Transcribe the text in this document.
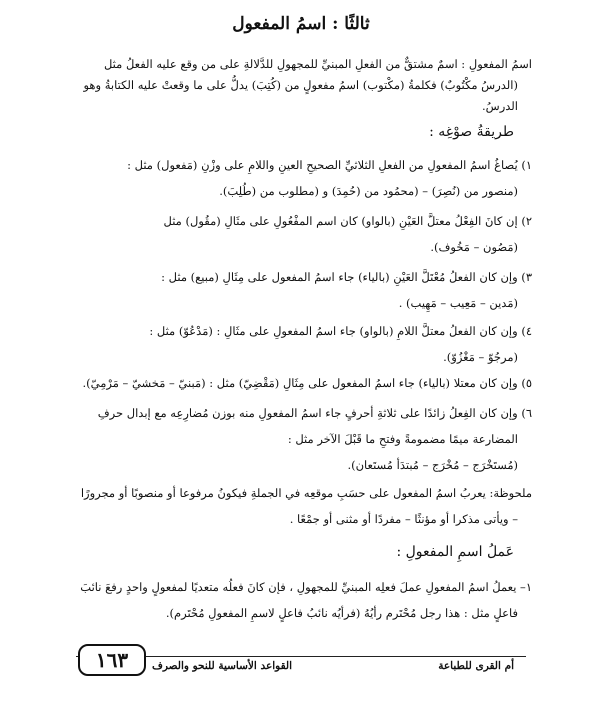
ثالثًا : اسمُ المفعول
اسمُ المفعولِ : اسمٌ مشتقٌّ من الفعلِ المبنيِّ للمجهولِ للدَّلالةِ على من وقع عليه الفعلُ مثل
(الدرسُ مكْتُوبٌ) فكلمةُ (مكْتوب) اسمُ مفعولٍ من (كُتِبَ) يدلُّ على ما وقعتْ عليه الكتابةُ وهو الدرسُ.
طريقةُ صوْغِه :
١) يُصاغُ اسمُ المفعولِ من الفعلِ الثلاثيِّ الصحيحِ العينِ واللامِ على وزْنِ (مَفعول) مثل :
(منصور من (نُصِرَ) – (محمُود من (حُمِدَ) و (مطلوب من (طُلِبَ).
٢) إن كانَ الفِعْلُ معتلَّ العَيْنِ (بالواو) كان اسم المفْعُولِ على مثَالِ (مقُول) مثل
(مَصُون – مَخُوف).
٣) وإن كان الفعلُ مُعْتَلَّ العَيْنِ (بالياء) جاء اسمُ المفعول على مِثَالِ (مبيع) مثل :
(مَدين – مَعِيب – مَهِيب) .
٤) وإن كان الفعلُ معتلَّ اللامِ (بالواو) جاء اسمُ المفعولِ على مثَالِ : (مَدْعُوّ) مثل :
(مرجُوّ – مَغْزُوّ).
٥) وإن كان معتلا (بالياء) جاء اسمُ المفعول على مِثَالِ (مَقْضِيّ) مثل : (مَبنيّ – مَخشيّ – مَرْمِيّ).
٦) وإن كان الفِعلُ زائدًا على ثلاثةِ أحرفٍ جاء اسمُ المفعولِ منه بوزن مُضارِعِه مع إبدال حرفِ
المضارعة ميمًا مضمومةً وفتحِ ما قَبْلَ الآخر مثل :
(مُستَخْرَج – مُخْرَج – مُبتدَأ مُستَعان).
ملحوظة: يعربُ اسمُ المفعول على حسَبِ موقعِه في الجملةِ فيكونُ مرفوعا أو منصوبًا أو مجرورًا
– ويأتى مذكرا أو مؤنثًا – مفردًا أو مثنى أو جمْعًا .
عَملُ اسمِ المفعولِ :
١– يعملُ اسمُ المفعولِ عملَ فعلِه المبنيِّ للمجهولِ ، فإن كانَ فعلُه متعديًا لمفعولٍ واحدٍ رفعَ نائبَ
فاعلٍ مثل : هذا رجل مُحْتَرم رأيُهُ (فرأيُه نائبُ فاعلٍ لاسمِ المفعولِ مُحْتَرم).
١٦٣	القواعد الأساسية للنحو والصرف	أم القرى للطباعة
